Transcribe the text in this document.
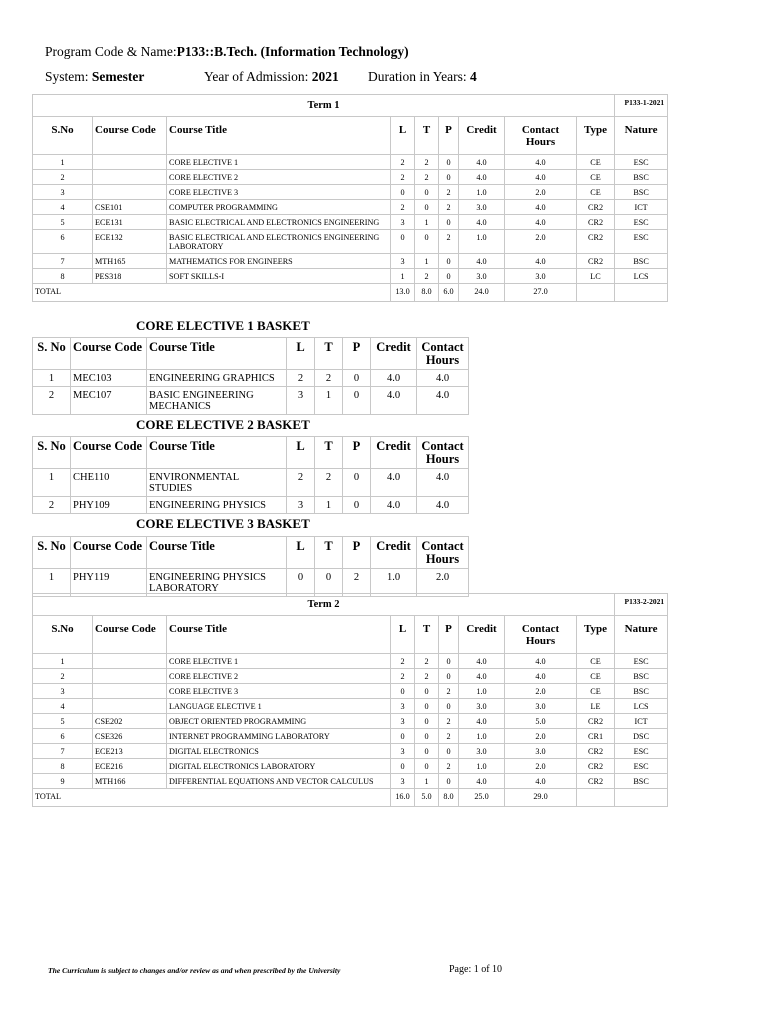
Program Code & Name:P133::B.Tech. (Information Technology)
System: Semester	Year of Admission: 2021 Duration in Years: 4
Term 1									P133-1-2021
S.No	Course Code	Course Title	L	T	P	Credit	Contact Hours	Type	Nature
1		CORE ELECTIVE 1	2	2	0	4.0	4.0	CE	ESC
2		CORE ELECTIVE 2	2	2	0	4.0	4.0	CE	BSC
3		CORE ELECTIVE 3	0	0	2	1.0	2.0	CE	BSC
4	CSE101	COMPUTER PROGRAMMING	2	0	2	3.0	4.0	CR2	ICT
5	ECE131	BASIC ELECTRICAL AND ELECTRONICS ENGINEERING	3	1	0	4.0	4.0	CR2	ESC
6	ECE132	BASIC ELECTRICAL AND ELECTRONICS ENGINEERING LABORATORY	0	0	2	1.0	2.0	CR2	ESC
7	MTH165	MATHEMATICS FOR ENGINEERS	3	1	0	4.0	4.0	CR2	BSC
8	PES318	SOFT SKILLS-I	1	2	0	3.0	3.0	LC	LCS
TOTAL			13.0	8.0	6.0	24.0	27.0		
Term 2									P133-2-2021
S.No	Course Code	Course Title	L	T	P	Credit	Contact Hours	Type	Nature
1		CORE ELECTIVE 1	2	2	0	4.0	4.0	CE	ESC
2		CORE ELECTIVE 2	2	2	0	4.0	4.0	CE	BSC
3		CORE ELECTIVE 3	0	0	2	1.0	2.0	CE	BSC
4		LANGUAGE ELECTIVE 1	3	0	0	3.0	3.0	LE	LCS
5	CSE202	OBJECT ORIENTED PROGRAMMING	3	0	2	4.0	5.0	CR2	ICT
6	CSE326	INTERNET PROGRAMMING LABORATORY	0	0	2	1.0	2.0	CR1	DSC
7	ECE213	DIGITAL ELECTRONICS	3	0	0	3.0	3.0	CR2	ESC
8	ECE216	DIGITAL ELECTRONICS LABORATORY	0	0	2	1.0	2.0	CR2	ESC
9	MTH166	DIFFERENTIAL EQUATIONS AND VECTOR CALCULUS	3	1	0	4.0	4.0	CR2	BSC
TOTAL			16.0	5.0	8.0	25.0	29.0		
CORE ELECTIVE 1 BASKET
S. No	Course Code	Course Title	L	T	P	Credit	Contact Hours
1	MEC103	ENGINEERING GRAPHICS	2	2	0	4.0	4.0
2	MEC107	BASIC ENGINEERING MECHANICS	3	1	0	4.0	4.0
CORE ELECTIVE 2 BASKET
S. No	Course Code	Course Title	L	T	P	Credit	Contact Hours
1	CHE110	ENVIRONMENTAL STUDIES	2	2	0	4.0	4.0
2	PHY109	ENGINEERING PHYSICS	3	1	0	4.0	4.0
CORE ELECTIVE 3 BASKET
S. No	Course Code	Course Title	L	T	P	Credit	Contact Hours
1	PHY119	ENGINEERING PHYSICS LABORATORY	0	0	2	1.0	2.0
The Curriculum is subject to changes and/or review as and when prescribed by the University	Page: 1 of 10
